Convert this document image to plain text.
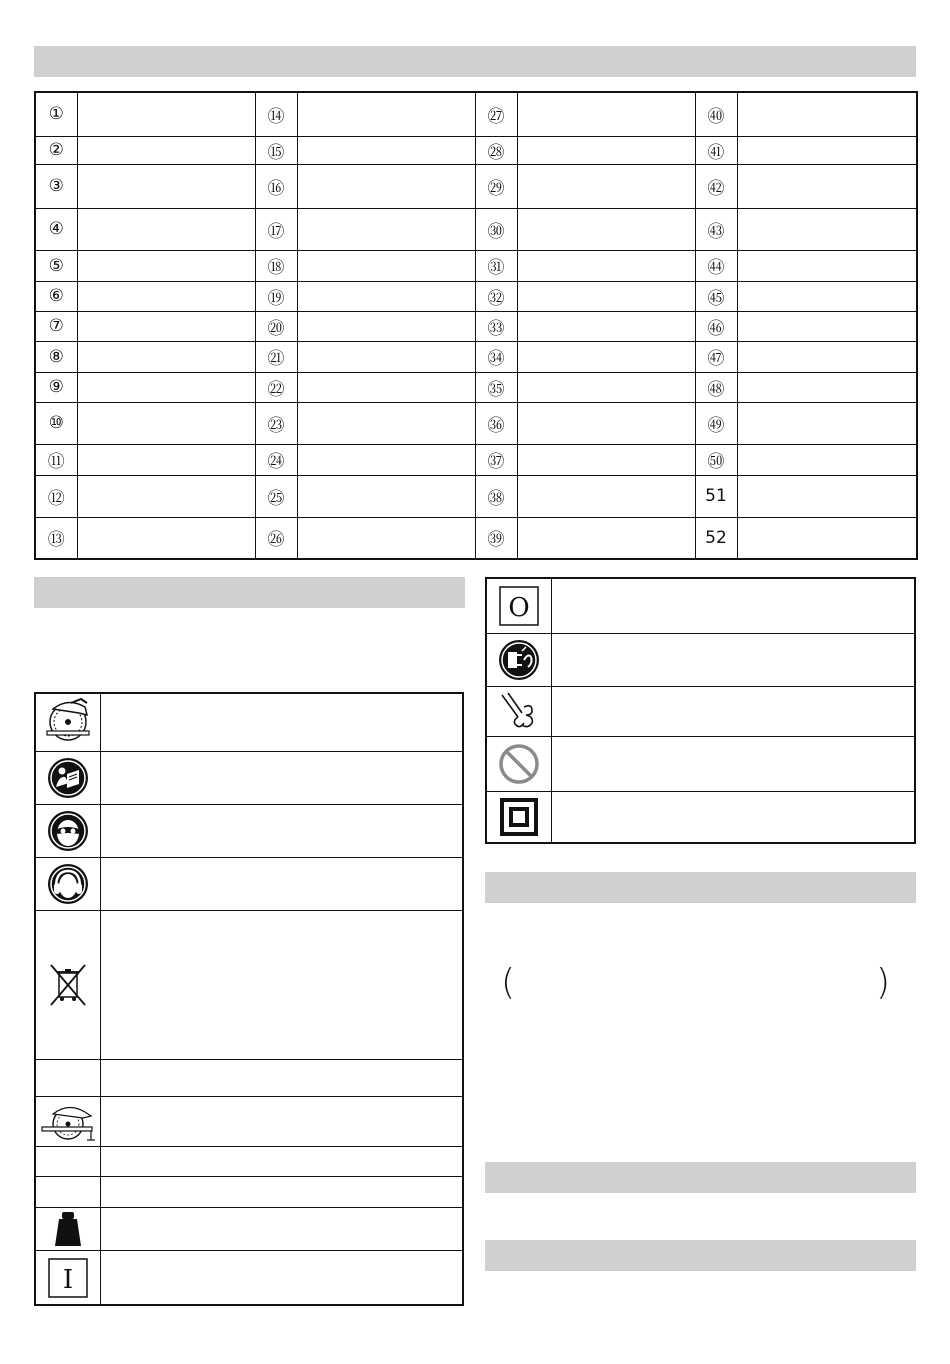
①		⑭		㉗		㊵	
②		⑮		㉘		㊶	
③		⑯		㉙		㊷	
④		⑰		㉚		㊸	
⑤		⑱		㉛		㊹	
⑥		⑲		㉜		㊺	
⑦		⑳		㉝		㊻	
⑧		㉑		㉞		㊼	
⑨		㉒		㉟		㊽	
⑩		㉓		㊱		㊾	
⑪		㉔		㊲		㊿	
⑫		㉕		㊳		51	
⑬		㉖		㊴		52	

I	

O	

(	)
